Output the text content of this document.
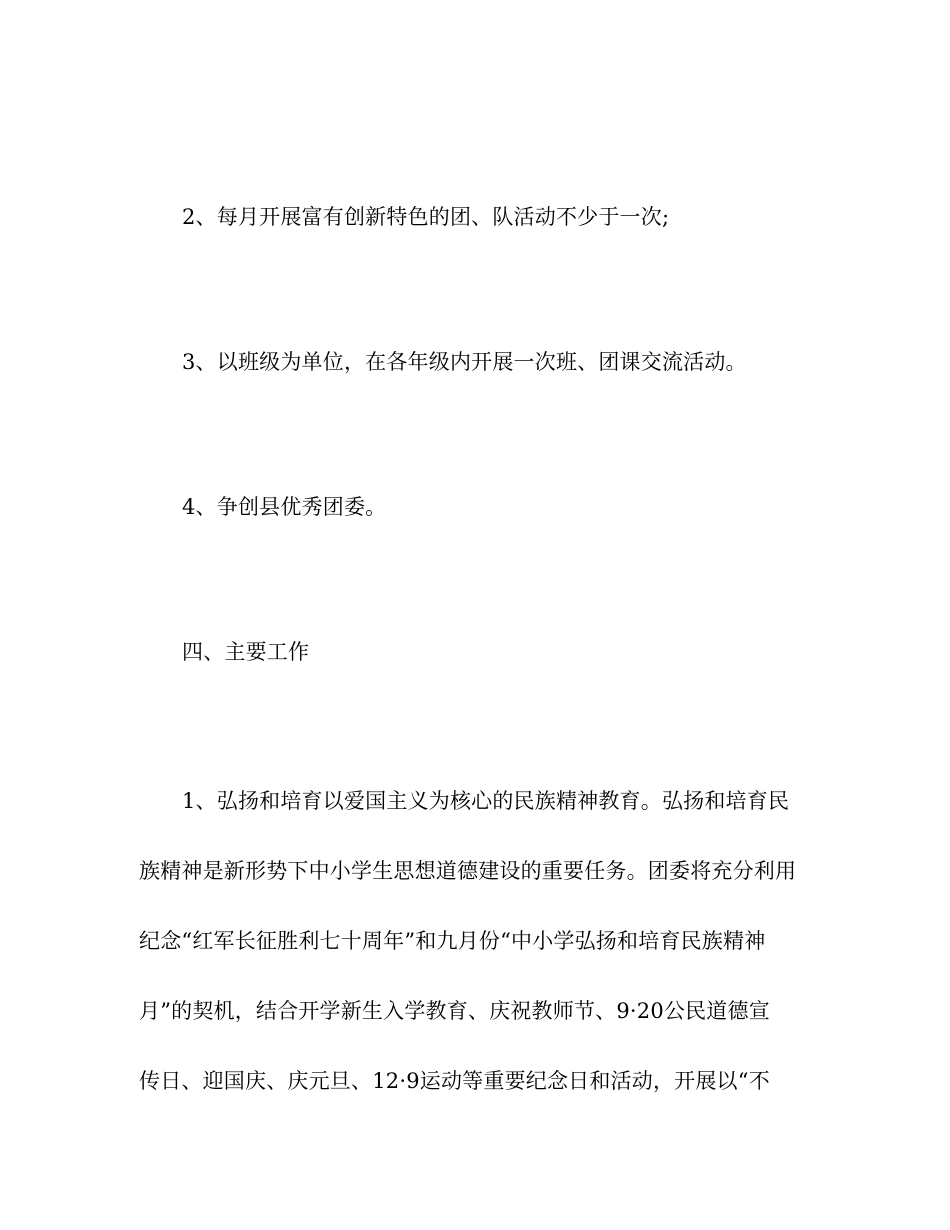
2、每月开展富有创新特色的团、队活动不少于一次;
3、以班级为单位，在各年级内开展一次班、团课交流活动。
4、争创县优秀团委。
四、主要工作
1、弘扬和培育以爱国主义为核心的民族精神教育。弘扬和培育民
族精神是新形势下中小学生思想道德建设的重要任务。团委将充分利用
纪念“红军长征胜利七十周年”和九月份“中小学弘扬和培育民族精神
月”的契机，结合开学新生入学教育、庆祝教师节、9·20公民道德宣
传日、迎国庆、庆元旦、12·9运动等重要纪念日和活动，开展以“不
